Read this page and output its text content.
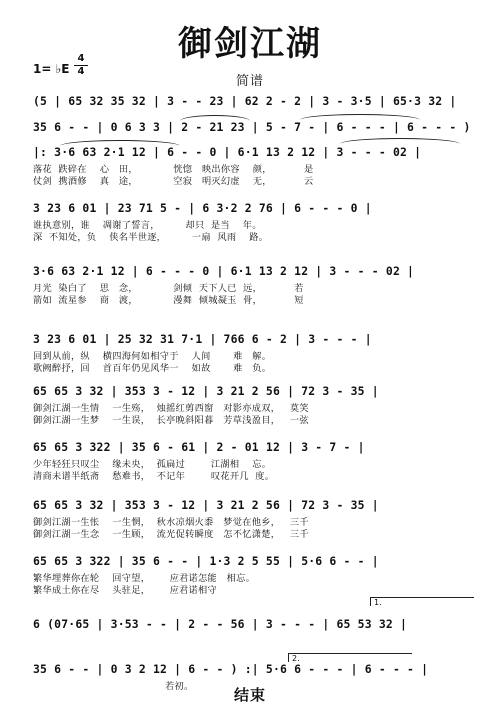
御剑江湖
1= ♭E
4
4
简谱
(5 | 65 32 35 32 | 3 - - 23 | 62 2 - 2 | 3 - 3·5 | 65·3 32 |
35 6 - - | 0 6 3 3 | 2 - 21 23 | 5 - 7 - | 6 - - - | 6 - - - )
|: 3·6 63 2·1 12 | 6 - - 0 | 6·1 13 2 12 | 3 - - - 02 |
落花  跌碎在    心   田，           恍惚   映出你容    颜，          是
仗剑  携酒修    真   途，           空寂   明灭幻虚    无，          云
3 23 6 01 | 23 71 5 - | 6 3·2 2 76 | 6 - - - 0 |
谁执意别，谁    凋谢了誓言，        却只  是当    年。
深  不知处，负    侠名半世逐，        一扇  风雨    路。
3·6 63 2·1 12 | 6 - - - 0 | 6·1 13 2 12 | 3 - - - 02 |
月光  染白了    思   念，           剑倾  天下人已  远，          若
箭如  流星参    商   渡，           漫舞  倾城凝玉  骨，          短
3 23 6 01 | 25 32 31 7·1 | 766 6 - 2 | 3 - - - |
回到从前，纵    横四海何如相守于    人间       难   解。
歌阙醉抒，回    首百年仍见风华一    如故       难   负。
65 65 3 32 | 353 3 - 12 | 3 21 2 56 | 72 3 - 35 |
御剑江湖一生情    一生殇，  烛摇红剪西窗   对影亦成双，   莫笑
御剑江湖一生梦    一生误，  长亭晚斜阳暮   芳草浅盈目，   一弦
65 65 3 322 | 35 6 - 61 | 2 - 01 12 | 3 - 7 - |
少年轻狂只叹尘    缘未央，  孤扁过        江湖相    忘。
清商未谱半纸斋    愁难书，  不记年        叹花开几  度。
65 65 3 32 | 353 3 - 12 | 3 21 2 56 | 72 3 - 35 |
御剑江湖一生怅    一生惘，  秋水凉烟火黍   梦觉在他乡，   三千
御剑江湖一生念    一生顾，  流光促转瞬度   怎不忆潇楚，   三千
65 65 3 322 | 35 6 - - | 1·3 2 5 55 | 5·6 6 - - |
繁华埋葬你在轮    回守望，      应君诺怎能   相忘。
繁华成土你在尽    头驻足，      应君诺相守
6 (07·65 | 3·53 - - | 2 - - 56 | 3 - - - | 65 53 32 |
35 6 - - | 0 3 2 12 | 6 - - ) :| 5·6 6 - - - | 6 - - - |
若初。
1.
2.
结束
